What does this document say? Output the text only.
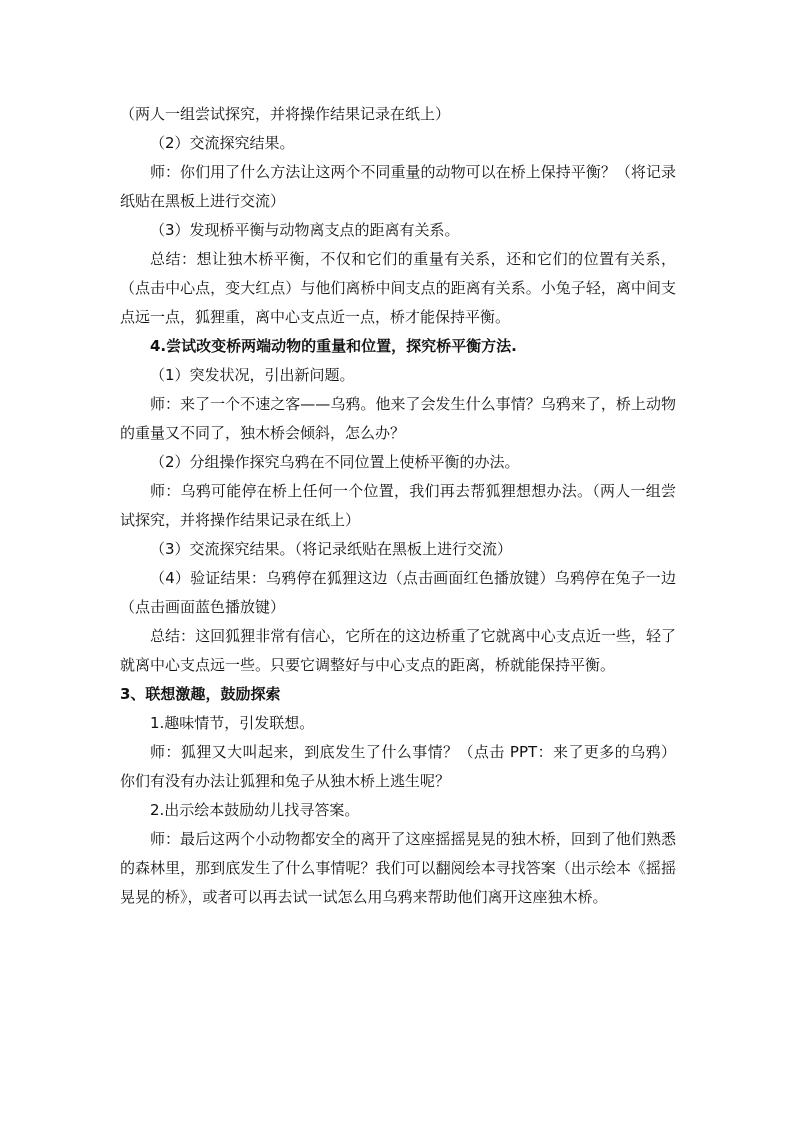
（两人一组尝试探究，并将操作结果记录在纸上）

（2）交流探究结果。

师：你们用了什么方法让这两个不同重量的动物可以在桥上保持平衡？（将记录纸贴在黑板上进行交流）

（3）发现桥平衡与动物离支点的距离有关系。

总结：想让独木桥平衡，不仅和它们的重量有关系，还和它们的位置有关系，（点击中心点，变大红点）与他们离桥中间支点的距离有关系。小兔子轻，离中间支点远一点，狐狸重，离中心支点近一点，桥才能保持平衡。

4.尝试改变桥两端动物的重量和位置，探究桥平衡方法.

（1）突发状况，引出新问题。

师：来了一个不速之客——乌鸦。他来了会发生什么事情？乌鸦来了，桥上动物的重量又不同了，独木桥会倾斜，怎么办？

（2）分组操作探究乌鸦在不同位置上使桥平衡的办法。

师：乌鸦可能停在桥上任何一个位置，我们再去帮狐狸想想办法。（两人一组尝试探究，并将操作结果记录在纸上）

（3）交流探究结果。（将记录纸贴在黑板上进行交流）

（4）验证结果：乌鸦停在狐狸这边（点击画面红色播放键）乌鸦停在兔子一边（点击画面蓝色播放键）

总结：这回狐狸非常有信心，它所在的这边桥重了它就离中心支点近一些，轻了就离中心支点远一些。只要它调整好与中心支点的距离，桥就能保持平衡。

3、联想激趣，鼓励探索

1.趣味情节，引发联想。

师：狐狸又大叫起来，到底发生了什么事情？（点击 PPT：来了更多的乌鸦）你们有没有办法让狐狸和兔子从独木桥上逃生呢？

2.出示绘本鼓励幼儿找寻答案。

师：最后这两个小动物都安全的离开了这座摇摇晃晃的独木桥，回到了他们熟悉的森林里，那到底发生了什么事情呢？我们可以翻阅绘本寻找答案（出示绘本《摇摇晃晃的桥》，或者可以再去试一试怎么用乌鸦来帮助他们离开这座独木桥。
